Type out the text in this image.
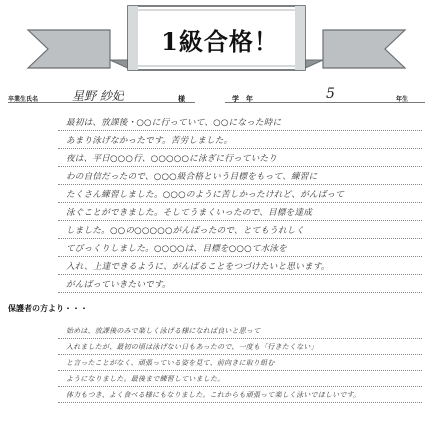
1級合格！
卒業生氏名	星野 紗妃	様	学　年	5	年生
最初は、放課後・○○に行っていて、○○になった時に
あまり泳げなかったです。苦労しました。
夜は、平日○○○行、○○○○○に泳ぎに行っていたり
わの自信だったので、○○○級合格という目標をもって、練習に
たくさん練習しました。○○○のように苦しかったけれど、がんばって
泳ぐことができました。そしてうまくいったので、目標を達成
しました。○○の○○○○○がんばったので、とてもうれしく
てびっくりしました。○○○○は、目標を○○○て水泳を
入れ、上達できるように、がんばることをつづけたいと思います。
がんばっていきたいです。
保護者の方より・・・
始めは、放課後のみで楽しく泳げる様になれば良いと思って
入れましたが、最初の頃は泳げない日もあったので、一度も「行きたくない」
と言ったことがなく、頑張っている姿を見て、前向きに取り組む
ようになりました。最後まで練習していました。
体力もつき、よく食べる様にもなりました。これからも頑張って楽しく泳いでほしいです。
